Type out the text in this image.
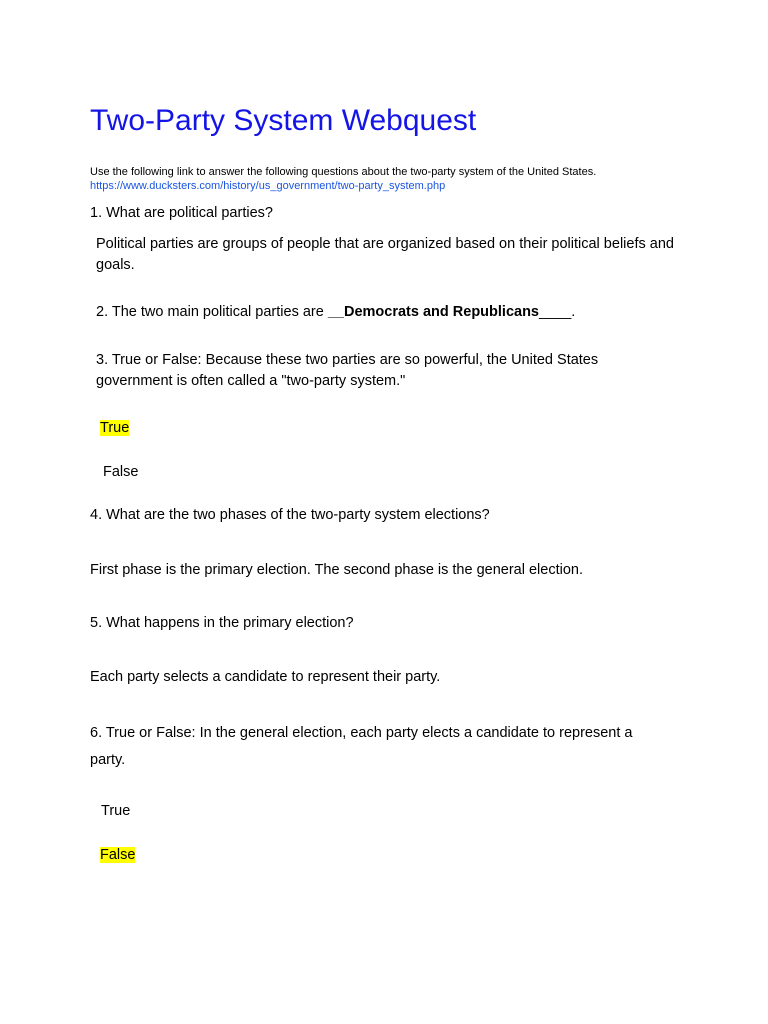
Two-Party System Webquest
Use the following link to answer the following questions about the two-party system of the United States.
https://www.ducksters.com/history/us_government/two-party_system.php

1. What are political parties?

Political parties are groups of people that are organized based on their political beliefs and goals.

2. The two main political parties are __Democrats and Republicans____.

3. True or False: Because these two parties are so powerful, the United States government is often called a "two-party system."

True

False

4. What are the two phases of the two-party system elections?

First phase is the primary election. The second phase is the general election.

5. What happens in the primary election?

Each party selects a candidate to represent their party.

6. True or False: In the general election, each party elects a candidate to represent a party.

True

False
